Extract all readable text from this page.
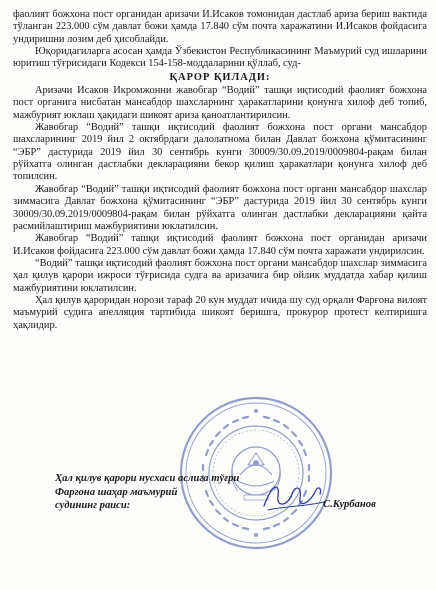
фаолият божхона пост органидан аризачи И.Исаков томонидан дастлаб ариза бериш вактида тўланган 223.000 сўм давлат божи ҳамда 17.840 сўм почта харажатини И.Исаков фойдасига ундиришни лозим деб ҳисоблайди.

Юқоридагиларга асосан ҳамда Ўзбекистон Республикасининг Маъмурий суд ишларини юритиш тўғрисидаги Кодекси 154-158-моддаларини қўллаб, суд-

ҚАРОР ҚИЛАДИ:

Аризачи Исаков Икромжонни жавобгар “Водий” ташқи иқтисодий фаолият божхона пост органига нисбатан мансабдор шахсларнинг ҳаракатларини қонунга хилоф деб топиб, мажбурият юклаш ҳақидаги шикоят ариза қаноатлантирилсин.

Жавобгар “Водий” ташқи иқтисодий фаолият божхона пост органи мансабдор шахсларининг 2019 йил 2 октябрдаги далолатнома билан Давлат божхона қўмитасининг “ЭБР” дастурида 2019 йил 30 сентябрь кунги 30009/30.09.2019/0009804-рақам билан рўйхатга олинган дастлабки декларацияни бекор қилиш ҳаракатлари қонунга хилоф деб топилсин.

Жавобгар “Водий” ташқи иқтисодий фаолият божхона пост органи мансабдор шахслар зиммасига Давлат божхона қўмитасининг “ЭБР” дастурида 2019 йил 30 сентябрь кунги 30009/30.09.2019/0009804-рақам билан рўйхатга олинган дастлабки декларацияни қайта расмийлаштириш мажбуриятини юклатилсин.

Жавобгар “Водий” ташқи иқтисодий фаолият божхона пост органидан аризачи И.Исаков фойдасига 223.000 сўм давлат божи ҳамда 17.840 сўм почта харажати ундирилсин.

“Водий” ташқи иқтисодий фаолият божхона пост органи мансабдор шахслар зиммасига ҳал қилув қарори ижроси тўғрисида судга ва аризачига бир ойлик муддатда хабар қилиш мажбуриятини юклатилсин.

Ҳал қилув қароридан норози тараф 20 кун муддат ичида шу суд орқали Фарғона вилоят маъмурий судига апелляция тартибида шикоят беришга, прокурор протест келтиришга ҳақлидир.

Ҳал қилув қарори нусхаси аслига тўғри
Фарғона шаҳар маъмурий
судининг раиси:	С.Курбанов
